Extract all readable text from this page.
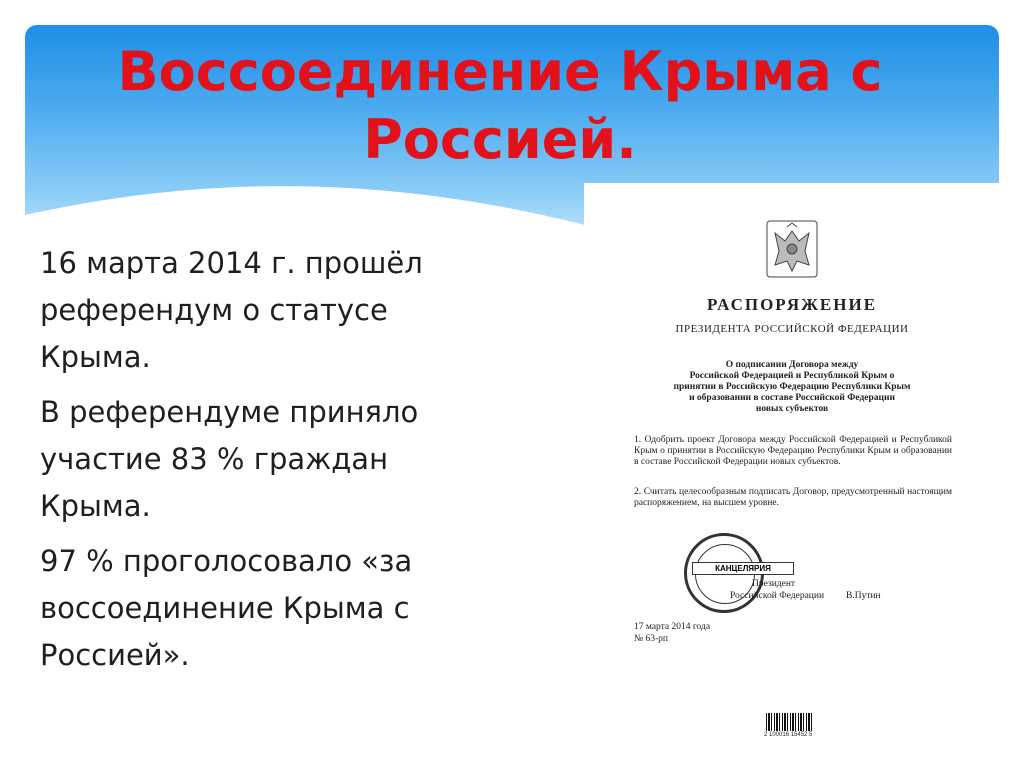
Воссоединение Крыма с Россией.

16 марта 2014 г. прошёл референдум о статусе Крыма.

В референдуме приняло участие 83 % граждан Крыма.

97 % проголосовало «за воссоединение Крыма с Россией».

РАСПОРЯЖЕНИЕ
ПРЕЗИДЕНТА РОССИЙСКОЙ ФЕДЕРАЦИИ
О подписании Договора между
Российской Федерацией и Республикой Крым о
принятии в Российскую Федерацию Республики Крым
и образовании в составе Российской Федерации
новых субъектов
1. Одобрить проект Договора между Российской Федерацией и Республикой Крым о принятии в Российскую Федерацию Республики Крым и образовании в составе Российской Федерации новых субъектов.
2. Считать целесообразным подписать Договор, предусмотренный настоящим распоряжением, на высшем уровне.
КАНЦЕЛЯРИЯ
Президент
Российской Федерации В.Путин
17 марта 2014 года
№ 63-рп
2 100016 15452 5
